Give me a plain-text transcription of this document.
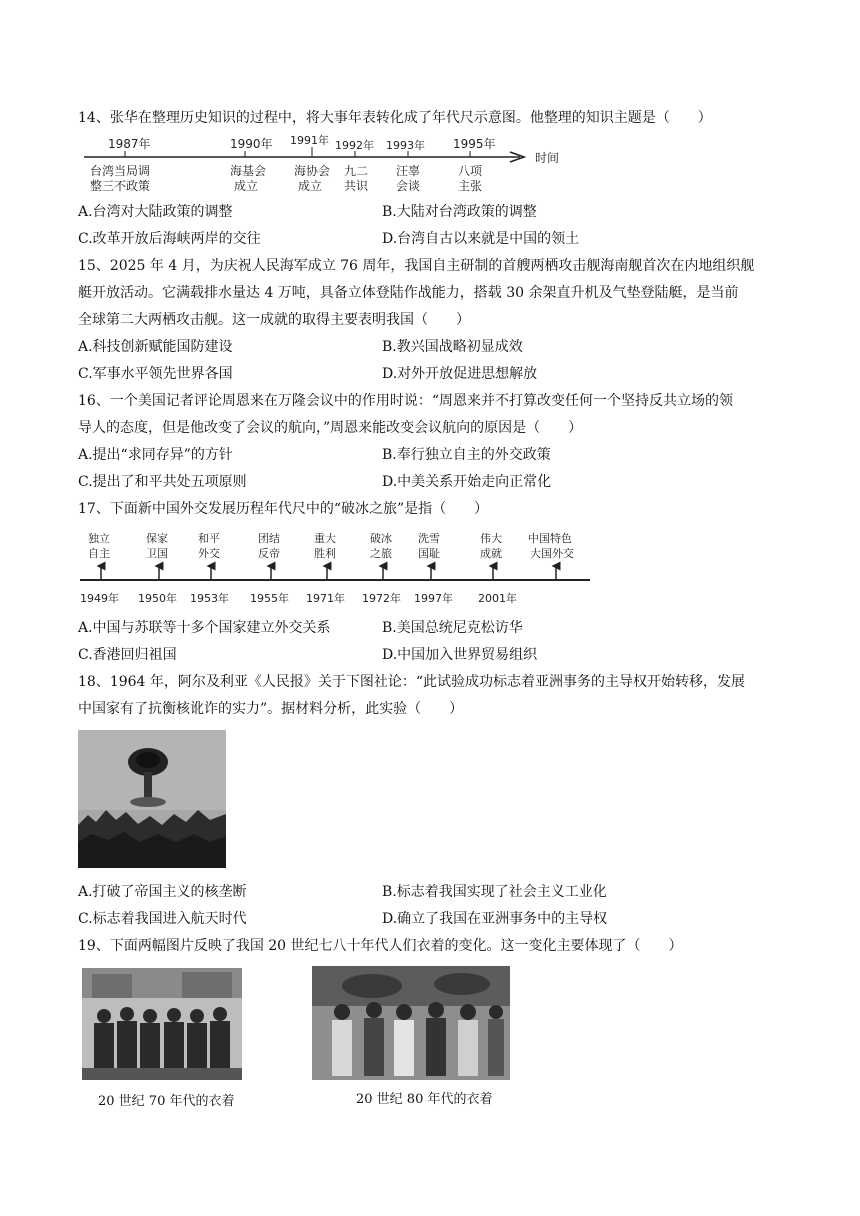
14、张华在整理历史知识的过程中，将大事年表转化成了年代尺示意图。他整理的知识主题是（　　）
时间
1987年	1990年 1991年 1992年 1993年 1995年
台湾当局调
整三不政策
海基会
成立
海协会
成立
九二
共识
汪辜
会谈
八项
主张
A.台湾对大陆政策的调整	B.大陆对台湾政策的调整
C.改革开放后海峡两岸的交往	D.台湾自古以来就是中国的领土
15、2025 年 4 月，为庆祝人民海军成立 76 周年，我国自主研制的首艘两栖攻击舰海南舰首次在内地组织舰
艇开放活动。它满载排水量达 4 万吨，具备立体登陆作战能力，搭载 30 余架直升机及气垫登陆艇，是当前
全球第二大两栖攻击舰。这一成就的取得主要表明我国（　　）
A.科技创新赋能国防建设	B.教兴国战略初显成效
C.军事水平领先世界各国	D.对外开放促进思想解放
16、一个美国记者评论周恩来在万隆会议中的作用时说：“周恩来并不打算改变任何一个坚持反共立场的领
导人的态度，但是他改变了会议的航向，”周恩来能改变会议航向的原因是（　　）
A.提出“求同存异”的方针	B.奉行独立自主的外交政策
C.提出了和平共处五项原则	D.中美关系开始走向正常化
17、下面新中国外交发展历程年代尺中的“破冰之旅”是指（　　）
独立
自主
保家
卫国
和平
外交
团结
反帝
重大
胜利
破冰
之旅
洗雪
国耻
伟大
成就
中国特色
大国外交
1949年 1950年 1953年 1955年 1971年 1972年 1997年 2001年
A.中国与苏联等十多个国家建立外交关系	B.美国总统尼克松访华
C.香港回归祖国	D.中国加入世界贸易组织
18、1964 年，阿尔及利亚《人民报》关于下图社论：“此试验成功标志着亚洲事务的主导权开始转移，发展
中国家有了抗衡核讹诈的实力”。据材料分析，此实验（　　）
A.打破了帝国主义的核垄断	B.标志着我国实现了社会主义工业化
C.标志着我国进入航天时代	D.确立了我国在亚洲事务中的主导权
19、下面两幅图片反映了我国 20 世纪七八十年代人们衣着的变化。这一变化主要体现了（　　）
20 世纪 70 年代的衣着	20 世纪 80 年代的衣着
